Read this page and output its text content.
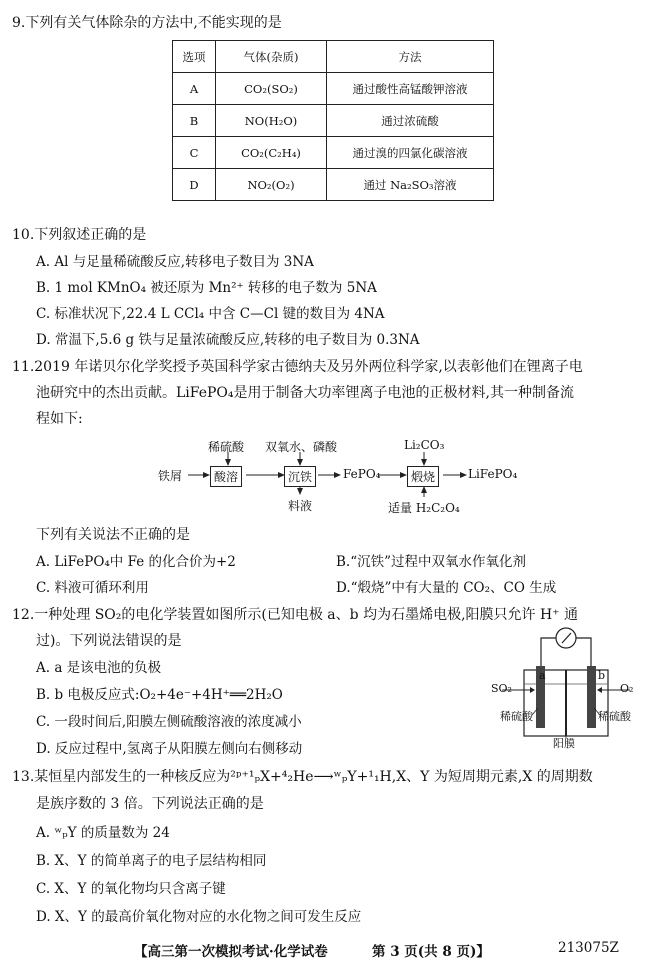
9.下列有关气体除杂的方法中,不能实现的是
选项	气体(杂质)	方法
A	CO₂(SO₂)	通过酸性高锰酸钾溶液
B	NO(H₂O)	通过浓硫酸
C	CO₂(C₂H₄)	通过溴的四氯化碳溶液
D	NO₂(O₂)	通过 Na₂SO₃溶液
10.下列叙述正确的是
A. Al 与足量稀硫酸反应,转移电子数目为 3NA
B. 1 mol KMnO₄ 被还原为 Mn²⁺ 转移的电子数为 5NA
C. 标准状况下,22.4 L CCl₄ 中含 C—Cl 键的数目为 4NA
D. 常温下,5.6 g 铁与足量浓硫酸反应,转移的电子数目为 0.3NA
11.2019 年诺贝尔化学奖授予英国科学家古德纳夫及另外两位科学家,以表彰他们在锂离子电
池研究中的杰出贡献。LiFePO₄是用于制备大功率锂离子电池的正极材料,其一种制备流
程如下:
铁屑
稀硫酸
酸溶
双氧水、磷酸
沉铁
料液
FePO₄
Li₂CO₃
煅烧
适量 H₂C₂O₄
LiFePO₄
下列有关说法不正确的是
A. LiFePO₄中 Fe 的化合价为+2	B.“沉铁”过程中双氧水作氧化剂
C. 料液可循环利用	D.“煅烧”中有大量的 CO₂、CO 生成
12.一种处理 SO₂的电化学装置如图所示(已知电极 a、b 均为石墨烯电极,阳膜只允许 H⁺ 通
过)。下列说法错误的是
A. a 是该电池的负极
B. b 电极反应式:O₂+4e⁻+4H⁺══2H₂O
C. 一段时间后,阳膜左侧硫酸溶液的浓度减小
D. 反应过程中,氢离子从阳膜左侧向右侧移动
SO₂	O₂
a	b
稀硫酸	稀硫酸
阳膜
13.某恒星内部发生的一种核反应为²ᵖ⁺¹ₚX+⁴₂He⟶ʷₚY+¹₁H,X、Y 为短周期元素,X 的周期数
是族序数的 3 倍。下列说法正确的是
A. ʷₚY 的质量数为 24
B. X、Y 的简单离子的电子层结构相同
C. X、Y 的氧化物均只含离子键
D. X、Y 的最高价氧化物对应的水化物之间可发生反应
【高三第一次模拟考试·化学试卷	第 3 页(共 8 页)】	213075Z
